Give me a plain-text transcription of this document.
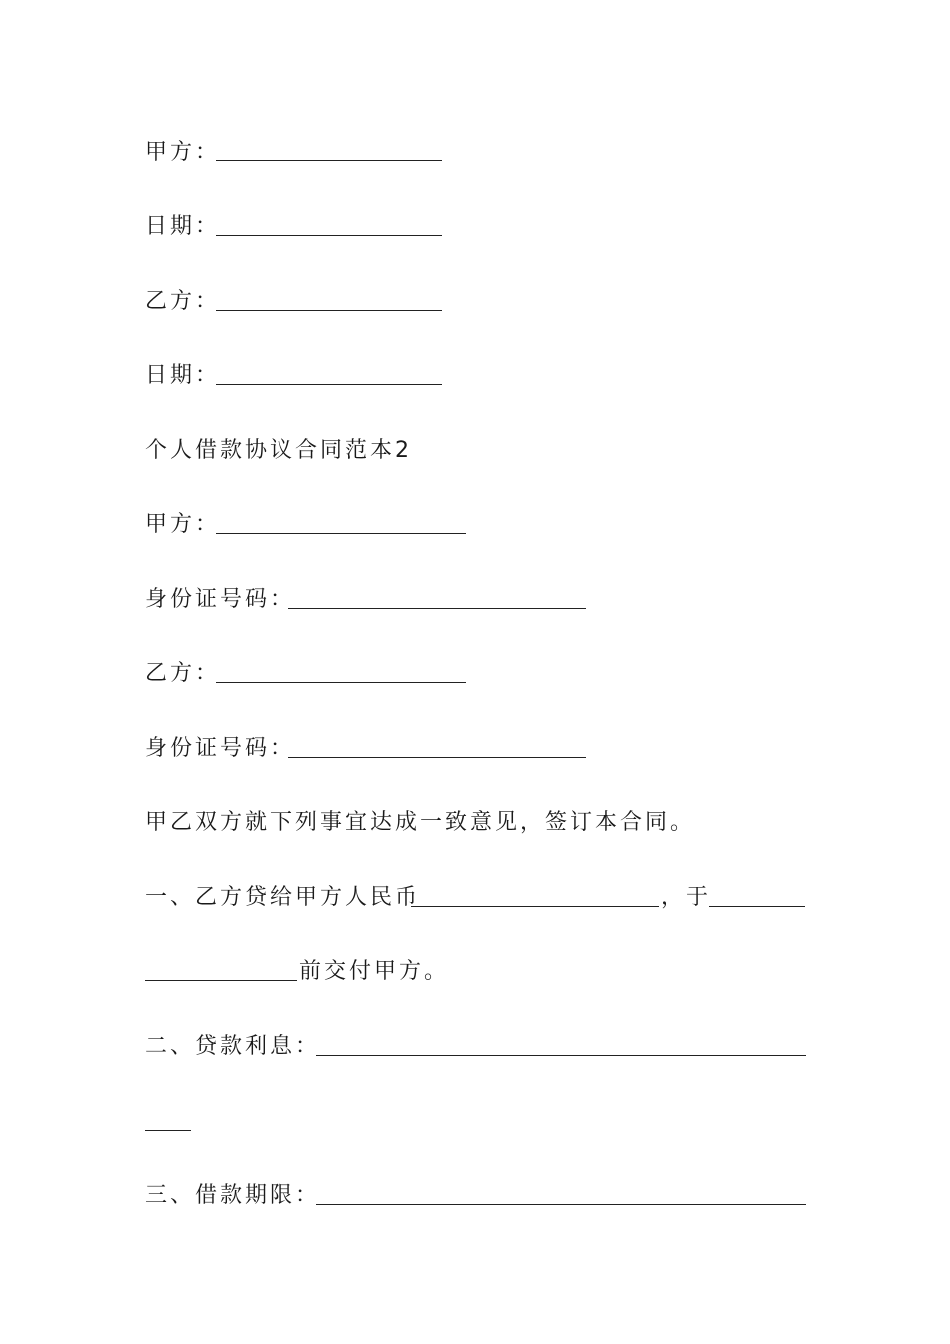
甲方：
日期：
乙方：
日期：
个人借款协议合同范本2
甲方：
身份证号码：
乙方：
身份证号码：
甲乙双方就下列事宜达成一致意见，签订本合同。
一、乙方贷给甲方人民币	，于
前交付甲方。
二、贷款利息：
三、借款期限：
